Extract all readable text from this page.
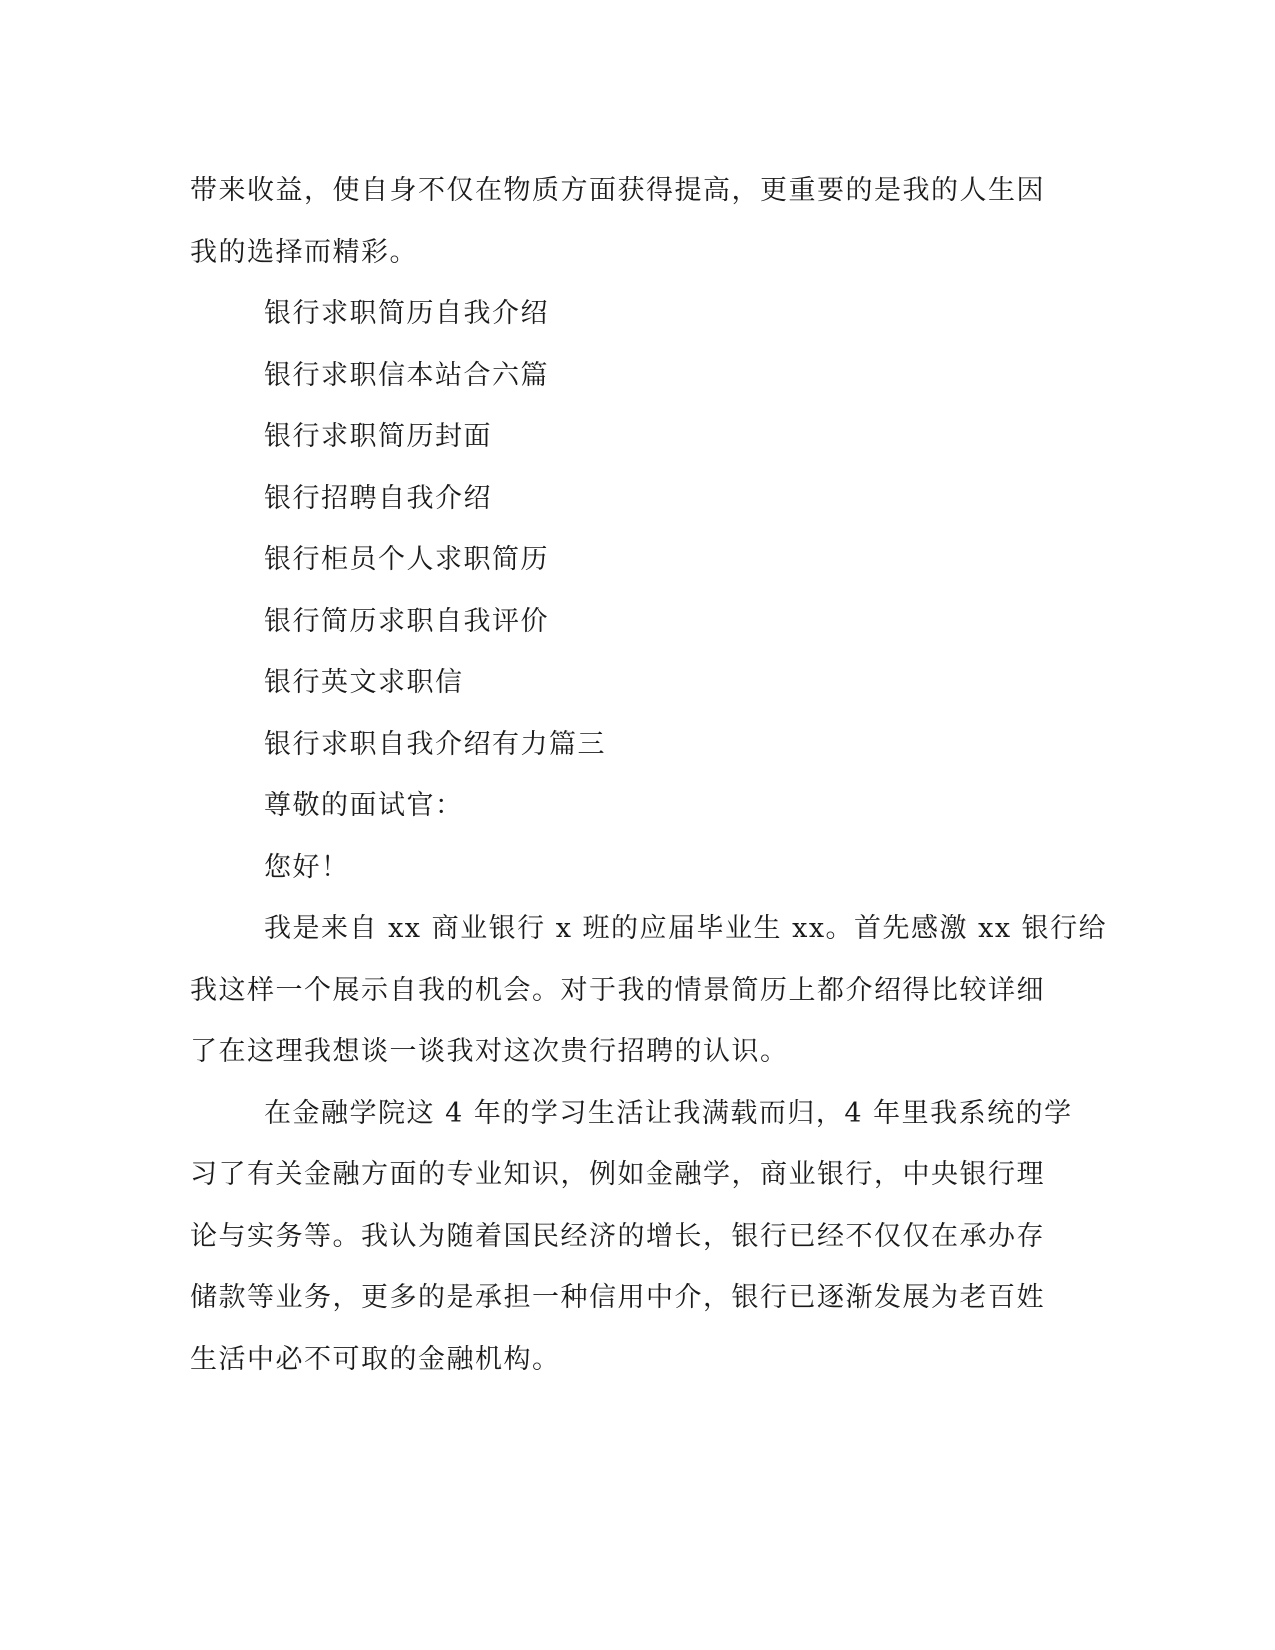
带来收益，使自身不仅在物质方面获得提高，更重要的是我的人生因

我的选择而精彩。

银行求职简历自我介绍

银行求职信本站合六篇

银行求职简历封面

银行招聘自我介绍

银行柜员个人求职简历

银行简历求职自我评价

银行英文求职信

银行求职自我介绍有力篇三

尊敬的面试官：

您好！

我是来自 xx 商业银行 x 班的应届毕业生 xx。首先感激 xx 银行给

我这样一个展示自我的机会。对于我的情景简历上都介绍得比较详细

了在这理我想谈一谈我对这次贵行招聘的认识。

在金融学院这 4 年的学习生活让我满载而归，4 年里我系统的学

习了有关金融方面的专业知识，例如金融学，商业银行，中央银行理

论与实务等。我认为随着国民经济的增长，银行已经不仅仅在承办存

储款等业务，更多的是承担一种信用中介，银行已逐渐发展为老百姓

生活中必不可取的金融机构。
